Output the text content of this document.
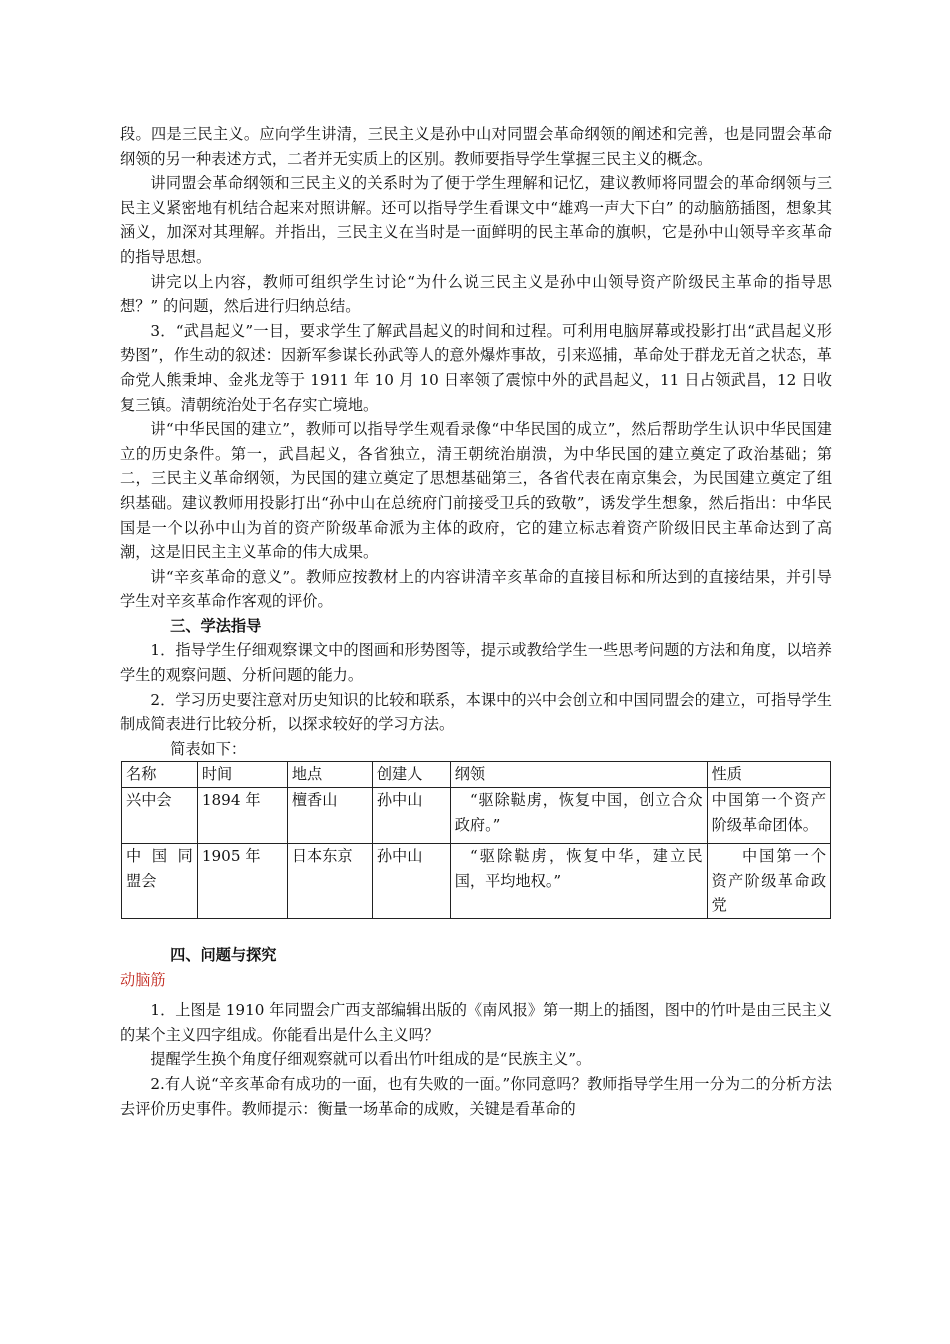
段。四是三民主义。应向学生讲清，三民主义是孙中山对同盟会革命纲领的阐述和完善，也是同盟会革命纲领的另一种表述方式，二者并无实质上的区别。教师要指导学生掌握三民主义的概念。

讲同盟会革命纲领和三民主义的关系时为了便于学生理解和记忆，建议教师将同盟会的革命纲领与三民主义紧密地有机结合起来对照讲解。还可以指导学生看课文中“雄鸡一声大下白” 的动脑筋插图，想象其涵义，加深对其理解。并指出，三民主义在当时是一面鲜明的民主革命的旗帜，它是孙中山领导辛亥革命的指导思想。

讲完以上内容，教师可组织学生讨论“为什么说三民主义是孙中山领导资产阶级民主革命的指导思想？” 的问题，然后进行归纳总结。

3．“武昌起义”一目，要求学生了解武昌起义的时间和过程。可利用电脑屏幕或投影打出“武昌起义形势图”，作生动的叙述：因新军参谋长孙武等人的意外爆炸事故，引来巡捕，革命处于群龙无首之状态，革命党人熊秉坤、金兆龙等于 1911 年 10 月 10 日率领了震惊中外的武昌起义，11 日占领武昌，12 日收复三镇。清朝统治处于名存实亡境地。

讲“中华民国的建立”，教师可以指导学生观看录像“中华民国的成立”，然后帮助学生认识中华民国建立的历史条件。第一，武昌起义，各省独立，清王朝统治崩溃，为中华民国的建立奠定了政治基础；第二，三民主义革命纲领，为民国的建立奠定了思想基础第三，各省代表在南京集会，为民国建立奠定了组织基础。建议教师用投影打出“孙中山在总统府门前接受卫兵的致敬”，诱发学生想象，然后指出：中华民国是一个以孙中山为首的资产阶级革命派为主体的政府，它的建立标志着资产阶级旧民主革命达到了高潮，这是旧民主主义革命的伟大成果。

讲“辛亥革命的意义”。教师应按教材上的内容讲清辛亥革命的直接目标和所达到的直接结果，并引导学生对辛亥革命作客观的评价。

三、学法指导

1．指导学生仔细观察课文中的图画和形势图等，提示或教给学生一些思考问题的方法和角度，以培养学生的观察问题、分析问题的能力。

2．学习历史要注意对历史知识的比较和联系，本课中的兴中会创立和中国同盟会的建立，可指导学生制成简表进行比较分析，以探求较好的学习方法。

简表如下：

名称	时间	地点	创建人	纲领	性质
兴中会	1894 年	檀香山	孙中山	“驱除鞑虏，恢复中国，创立合众政府。”	中国第一个资产阶级革命团体。
中 国 同盟会	1905 年	日本东京	孙中山	“驱除鞑虏，恢复中华，建立民国，平均地权。”	中国第一个资产阶级革命政党
四、问题与探究

动脑筋

1．上图是 1910 年同盟会广西支部编辑出版的《南风报》第一期上的插图，图中的竹叶是由三民主义的某个主义四字组成。你能看出是什么主义吗？

提醒学生换个角度仔细观察就可以看出竹叶组成的是“民族主义”。

2.有人说“辛亥革命有成功的一面，也有失败的一面。”你同意吗？教师指导学生用一分为二的分析方法去评价历史事件。教师提示：衡量一场革命的成败，关键是看革命的
